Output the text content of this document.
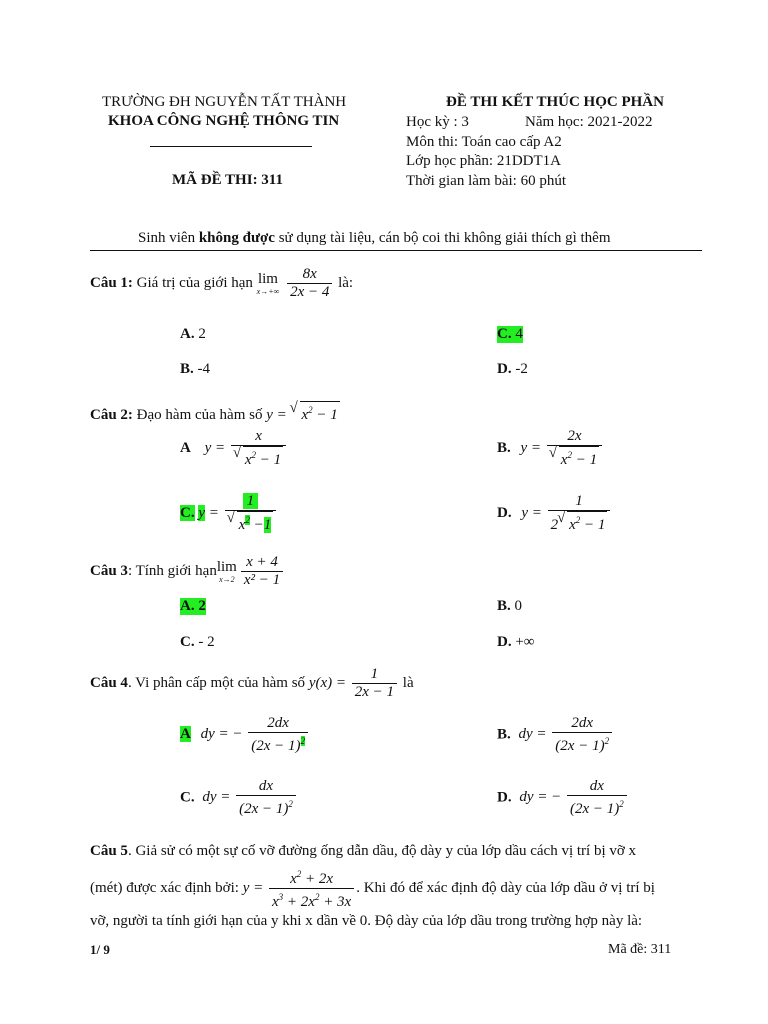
TRƯỜNG ĐH NGUYỄN TẤT THÀNH
KHOA CÔNG NGHỆ THÔNG TIN
MÃ ĐỀ THI: 311
ĐỀ THI KẾT THÚC HỌC PHẦN
Học kỳ : 3	Năm học: 2021-2022
Môn thi: Toán cao cấp A2
Lớp học phần: 21DDT1A
Thời gian làm bài: 60 phút
Sinh viên không được sử dụng tài liệu, cán bộ coi thi không giải thích gì thêm
Câu 1: Giá trị của giới hạn lim
x→+∞
$\frac{8x}{2x - 4}$ là:
A. 2	C. 4
B. -4	D. -2
Câu 2: Đạo hàm của hàm số y = √ $x^2 - 1$
A y = x
√ $x^2 - 1$	B. y = 2x
√ $x^2 - 1$
C. y = 1
√ $x^2 -1$	D. $y = \frac{1}{2√ x^2 - 1}$
Câu 3: Tính giới hạn lim
$x\to 2 \frac{x + 4}{\text{x² − 1}}$
A. 2	B. 0
C. - 2	D. +∞
Câu 4. Vi phân cấp một của hàm số $y(x) = \frac{1}{2x - 1}$ là
A dy = − $\frac{2dx}{(2x - 1)^2}$	B. dy = $\frac{2dx}{(2x - 1)^2}$
C. dy = $\frac{dx}{(2x - 1)^2}$	D. dy = − $\frac{dx}{(2x - 1)^2}$
Câu 5. Giả sử có một sự cố vỡ đường ống dẫn dầu, độ dày y của lớp dầu cách vị trí bị vỡ x
(mét) được xác định bởi: $y = \frac{x^2 + 2x}{x^3 + 2x^2 + 3x}$ . Khi đó để xác định độ dày của lớp dầu ở vị trí bị
vỡ, người ta tính giới hạn của y khi x dần về 0. Độ dày của lớp dầu trong trường hợp này là:
1/ 9	Mã đề: 311
